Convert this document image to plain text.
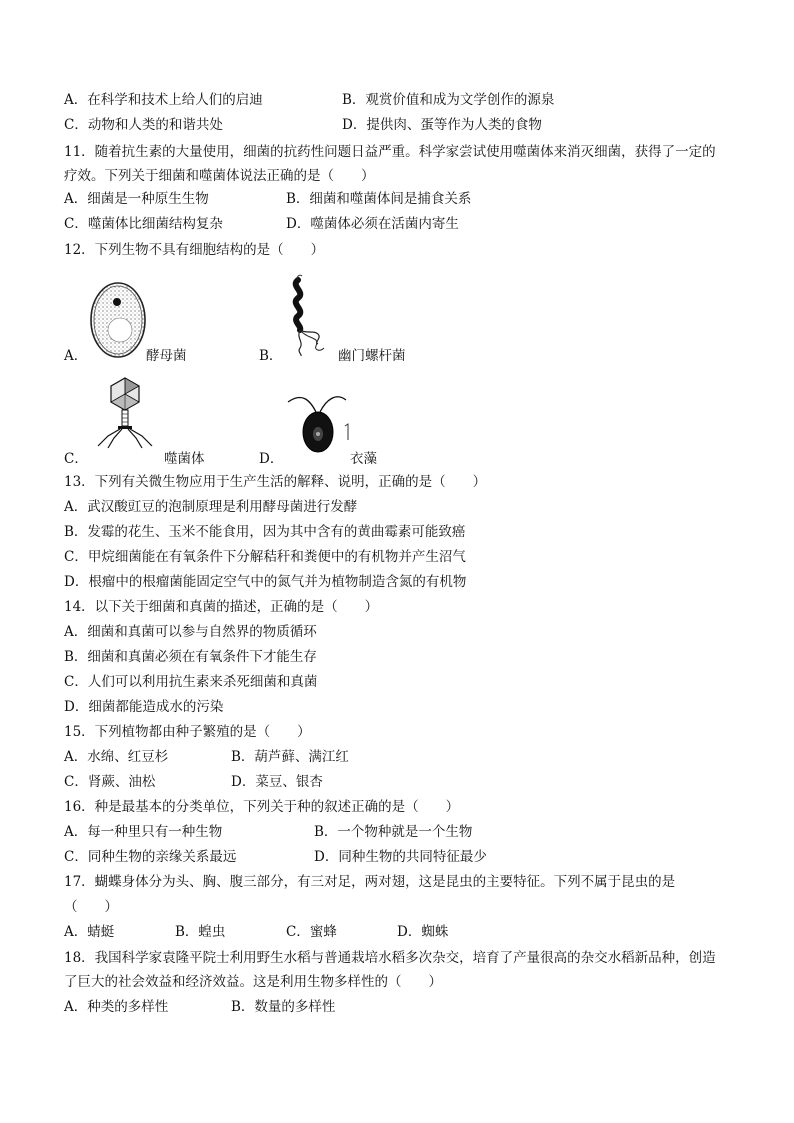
A．在科学和技术上给人们的启迪	B．观赏价值和成为文学创作的源泉
C．动物和人类的和谐共处	D．提供肉、蛋等作为人类的食物
11．随着抗生素的大量使用，细菌的抗药性问题日益严重。科学家尝试使用噬菌体来消灭细菌，获得了一定的疗效。下列关于细菌和噬菌体说法正确的是（　　）
A．细菌是一种原生生物	B．细菌和噬菌体间是捕食关系
C．噬菌体比细菌结构复杂	D．噬菌体必须在活菌内寄生
12．下列生物不具有细胞结构的是（　　）
A．	酵母菌	B．	幽门螺杆菌
C．	噬菌体	D．	衣藻
13．下列有关微生物应用于生产生活的解释、说明，正确的是（　　）
A．武汉酸豇豆的泡制原理是利用酵母菌进行发酵
B．发霉的花生、玉米不能食用，因为其中含有的黄曲霉素可能致癌
C．甲烷细菌能在有氧条件下分解秸秆和粪便中的有机物并产生沼气
D．根瘤中的根瘤菌能固定空气中的氮气并为植物制造含氮的有机物
14．以下关于细菌和真菌的描述，正确的是（　　）
A．细菌和真菌可以参与自然界的物质循环
B．细菌和真菌必须在有氧条件下才能生存
C．人们可以利用抗生素来杀死细菌和真菌
D．细菌都能造成水的污染
15．下列植物都由种子繁殖的是（　　）
A．水绵、红豆杉	B．葫芦藓、满江红
C．肾蕨、油松	D．菜豆、银杏
16．种是最基本的分类单位，下列关于种的叙述正确的是（　　）
A．每一种里只有一种生物	B．一个物种就是一个生物
C．同种生物的亲缘关系最远	D．同种生物的共同特征最少
17．蝴蝶身体分为头、胸、腹三部分，有三对足，两对翅，这是昆虫的主要特征。下列不属于昆虫的是
（　　）
A．蜻蜓	B．蝗虫	C．蜜蜂	D．蜘蛛
18．我国科学家袁隆平院士利用野生水稻与普通栽培水稻多次杂交，培育了产量很高的杂交水稻新品种，创造了巨大的社会效益和经济效益。这是利用生物多样性的（　　）
A．种类的多样性	B．数量的多样性
